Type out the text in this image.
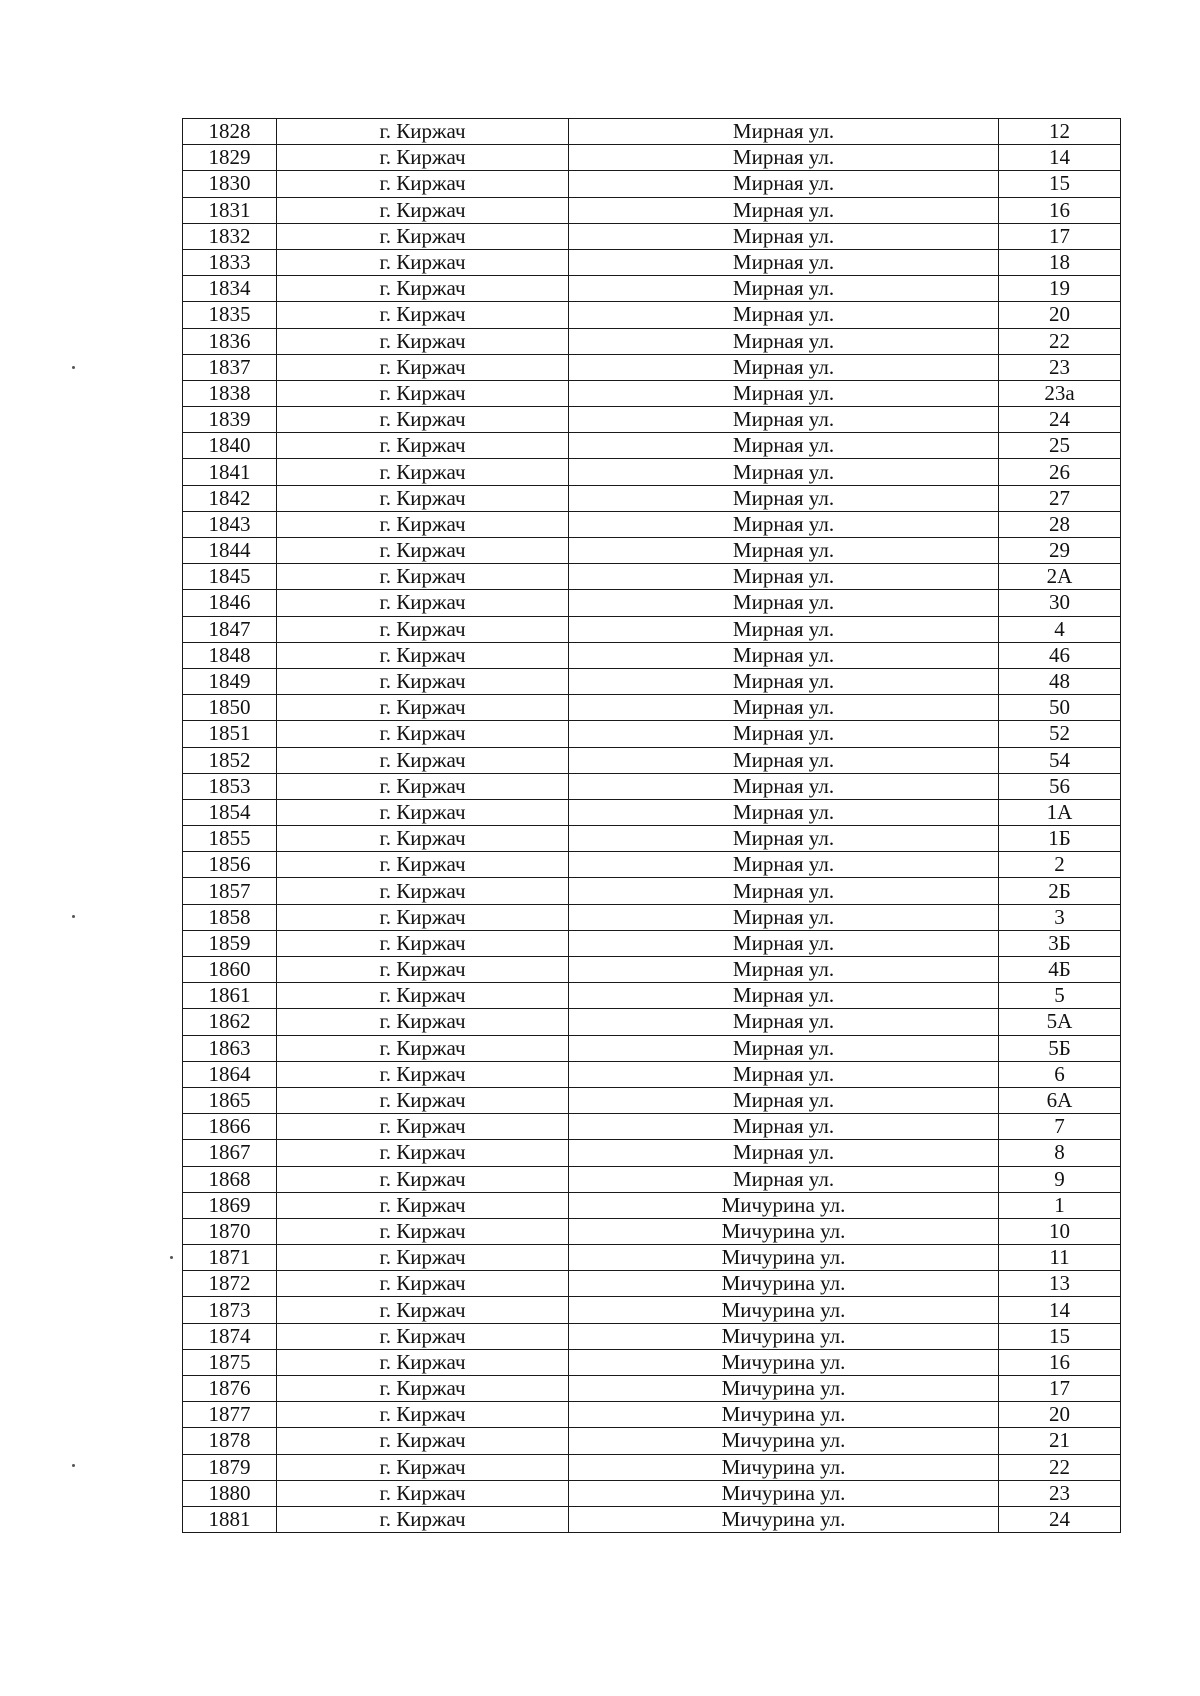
1828	г. Киржач	Мирная ул.	12
1829	г. Киржач	Мирная ул.	14
1830	г. Киржач	Мирная ул.	15
1831	г. Киржач	Мирная ул.	16
1832	г. Киржач	Мирная ул.	17
1833	г. Киржач	Мирная ул.	18
1834	г. Киржач	Мирная ул.	19
1835	г. Киржач	Мирная ул.	20
1836	г. Киржач	Мирная ул.	22
1837	г. Киржач	Мирная ул.	23
1838	г. Киржач	Мирная ул.	23а
1839	г. Киржач	Мирная ул.	24
1840	г. Киржач	Мирная ул.	25
1841	г. Киржач	Мирная ул.	26
1842	г. Киржач	Мирная ул.	27
1843	г. Киржач	Мирная ул.	28
1844	г. Киржач	Мирная ул.	29
1845	г. Киржач	Мирная ул.	2А
1846	г. Киржач	Мирная ул.	30
1847	г. Киржач	Мирная ул.	4
1848	г. Киржач	Мирная ул.	46
1849	г. Киржач	Мирная ул.	48
1850	г. Киржач	Мирная ул.	50
1851	г. Киржач	Мирная ул.	52
1852	г. Киржач	Мирная ул.	54
1853	г. Киржач	Мирная ул.	56
1854	г. Киржач	Мирная ул.	1А
1855	г. Киржач	Мирная ул.	1Б
1856	г. Киржач	Мирная ул.	2
1857	г. Киржач	Мирная ул.	2Б
1858	г. Киржач	Мирная ул.	3
1859	г. Киржач	Мирная ул.	3Б
1860	г. Киржач	Мирная ул.	4Б
1861	г. Киржач	Мирная ул.	5
1862	г. Киржач	Мирная ул.	5А
1863	г. Киржач	Мирная ул.	5Б
1864	г. Киржач	Мирная ул.	6
1865	г. Киржач	Мирная ул.	6А
1866	г. Киржач	Мирная ул.	7
1867	г. Киржач	Мирная ул.	8
1868	г. Киржач	Мирная ул.	9
1869	г. Киржач	Мичурина ул.	1
1870	г. Киржач	Мичурина ул.	10
1871	г. Киржач	Мичурина ул.	11
1872	г. Киржач	Мичурина ул.	13
1873	г. Киржач	Мичурина ул.	14
1874	г. Киржач	Мичурина ул.	15
1875	г. Киржач	Мичурина ул.	16
1876	г. Киржач	Мичурина ул.	17
1877	г. Киржач	Мичурина ул.	20
1878	г. Киржач	Мичурина ул.	21
1879	г. Киржач	Мичурина ул.	22
1880	г. Киржач	Мичурина ул.	23
1881	г. Киржач	Мичурина ул.	24
